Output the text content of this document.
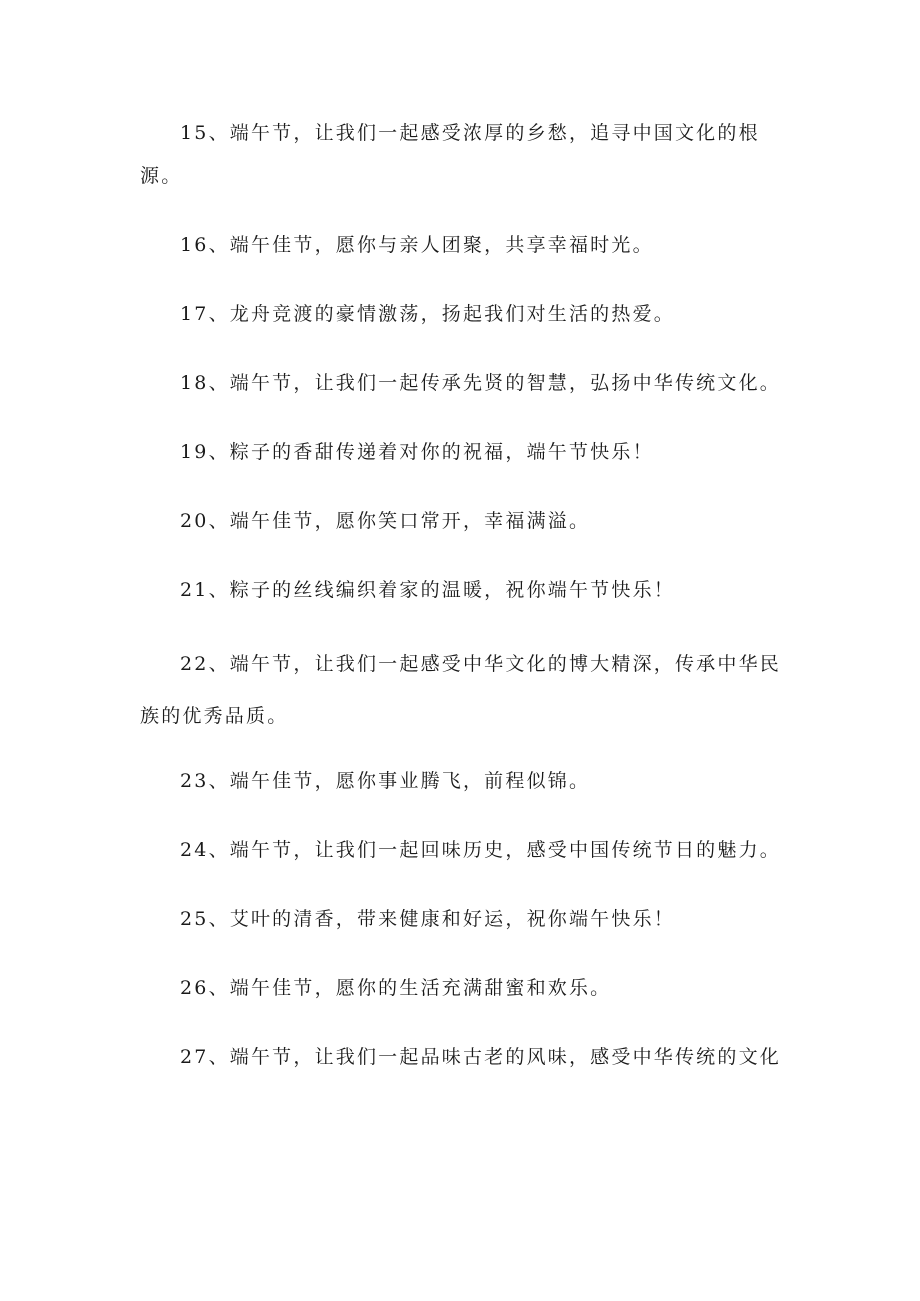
15、端午节，让我们一起感受浓厚的乡愁，追寻中国文化的根源。

16、端午佳节，愿你与亲人团聚，共享幸福时光。

17、龙舟竞渡的豪情激荡，扬起我们对生活的热爱。

18、端午节，让我们一起传承先贤的智慧，弘扬中华传统文化。

19、粽子的香甜传递着对你的祝福，端午节快乐！

20、端午佳节，愿你笑口常开，幸福满溢。

21、粽子的丝线编织着家的温暖，祝你端午节快乐！

22、端午节，让我们一起感受中华文化的博大精深，传承中华民族的优秀品质。

23、端午佳节，愿你事业腾飞，前程似锦。

24、端午节，让我们一起回味历史，感受中国传统节日的魅力。

25、艾叶的清香，带来健康和好运，祝你端午快乐！

26、端午佳节，愿你的生活充满甜蜜和欢乐。

27、端午节，让我们一起品味古老的风味，感受中华传统的文化
